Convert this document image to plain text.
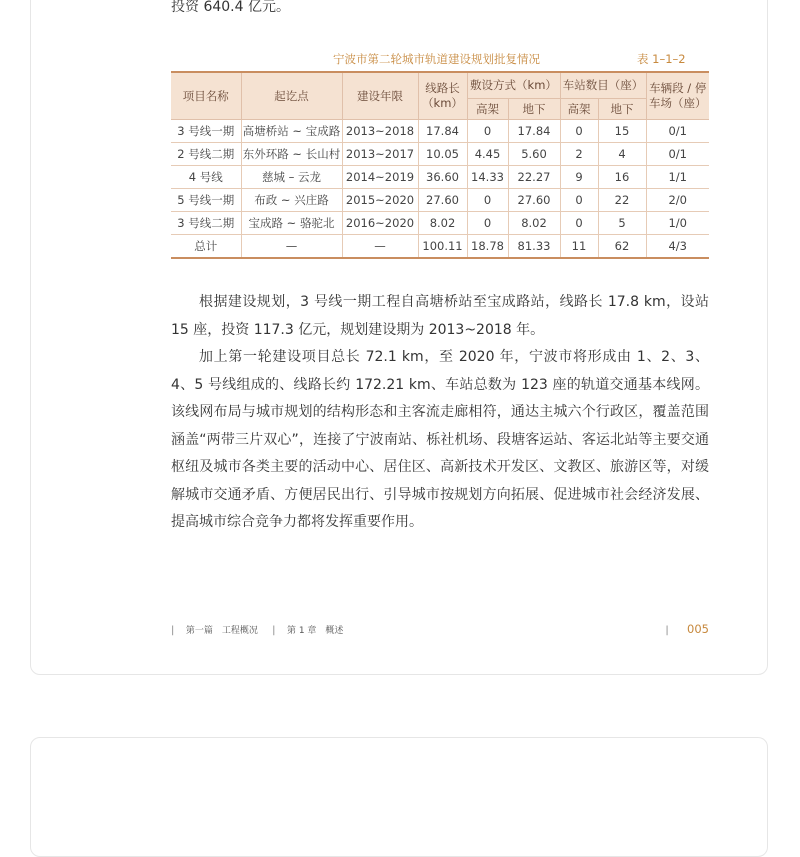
投资 640.4 亿元。
宁波市第二轮城市轨道建设规划批复情况	表 1–1–2
项目名称	起讫点	建设年限	线路长（km）	敷设方式（km）		车站数目（座）		车辆段 / 停车场（座）
				高架	地下	高架	地下	
3 号线一期	高塘桥站 ~ 宝成路	2013~2018	17.84	0	17.84	0	15	0/1
2 号线二期	东外环路 ~ 长山村	2013~2017	10.05	4.45	5.60	2	4	0/1
4 号线	慈城 – 云龙	2014~2019	36.60	14.33	22.27	9	16	1/1
5 号线一期	布政 ~ 兴庄路	2015~2020	27.60	0	27.60	0	22	2/0
3 号线二期	宝成路 ~ 骆驼北	2016~2020	8.02	0	8.02	0	5	1/0
总计	—	—	100.11	18.78	81.33	11	62	4/3

根据建设规划，3 号线一期工程自高塘桥站至宝成路站，线路长 17.8 km，设站 15 座，投资 117.3 亿元，规划建设期为 2013~2018 年。

加上第一轮建设项目总长 72.1 km，至 2020 年，宁波市将形成由 1、2、3、4、5 号线组成的、线路长约 172.21 km、车站总数为 123 座的轨道交通基本线网。该线网布局与城市规划的结构形态和主客流走廊相符，通达主城六个行政区，覆盖范围涵盖“两带三片双心”，连接了宁波南站、栎社机场、段塘客运站、客运北站等主要交通枢纽及城市各类主要的活动中心、居住区、高新技术开发区、文教区、旅游区等，对缓解城市交通矛盾、方便居民出行、引导城市按规划方向拓展、促进城市社会经济发展、提高城市综合竞争力都将发挥重要作用。

| 第一篇　工程概况 | 第 1 章　概述	| 005
